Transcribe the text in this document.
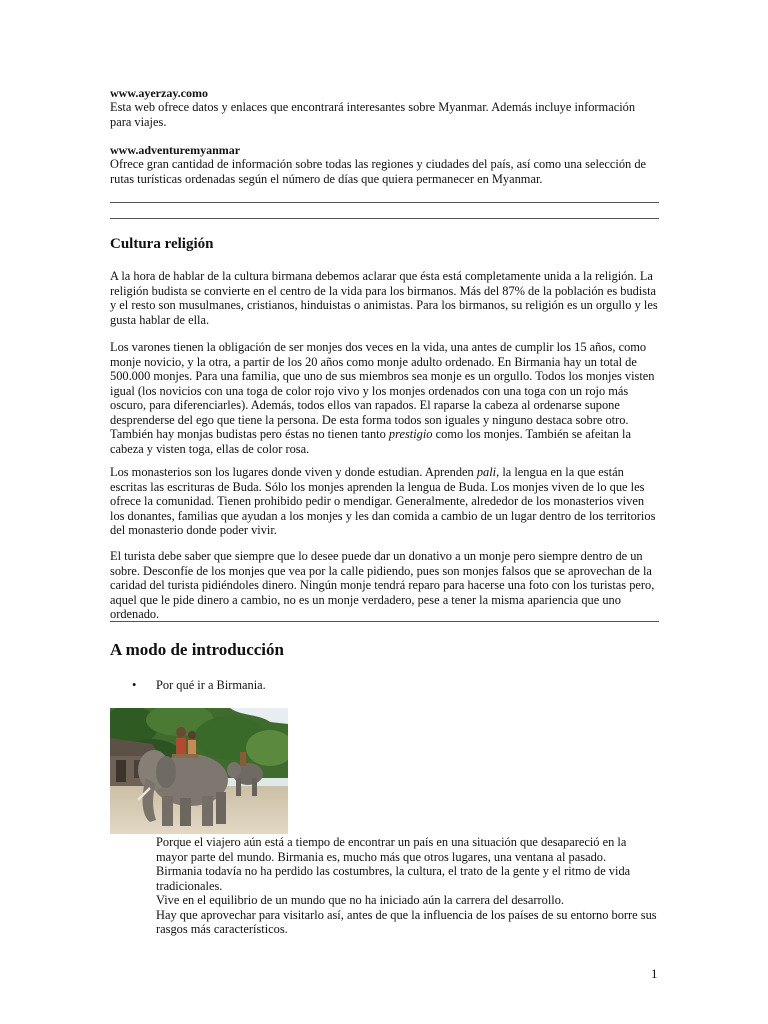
www.ayerzay.como

Esta web ofrece datos y enlaces que encontrará interesantes sobre Myanmar. Además incluye información para viajes.

www.adventuremyanmar

Ofrece gran cantidad de información sobre todas las regiones y ciudades del país, así como una selección de rutas turísticas ordenadas según el número de días que quiera permanecer en Myanmar.

Cultura religión

A la hora de hablar de la cultura birmana debemos aclarar que ésta está completamente unida a la religión. La religión budista se convierte en el centro de la vida para los birmanos. Más del 87% de la población es budista y el resto son musulmanes, cristianos, hinduistas o animistas. Para los birmanos, su religión es un orgullo y les gusta hablar de ella.

Los varones tienen la obligación de ser monjes dos veces en la vida, una antes de cumplir los 15 años, como monje novicio, y la otra, a partir de los 20 años como monje adulto ordenado. En Birmania hay un total de 500.000 monjes. Para una familia, que uno de sus miembros sea monje es un orgullo. Todos los monjes visten igual (los novicios con una toga de color rojo vivo y los monjes ordenados con una toga con un rojo más oscuro, para diferenciarles). Además, todos ellos van rapados. El raparse la cabeza al ordenarse supone desprenderse del ego que tiene la persona. De esta forma todos son iguales y ninguno destaca sobre otro. También hay monjas budistas pero éstas no tienen tanto prestigio como los monjes. También se afeitan la cabeza y visten toga, ellas de color rosa.

Los monasterios son los lugares donde viven y donde estudian. Aprenden pali, la lengua en la que están escritas las escrituras de Buda. Sólo los monjes aprenden la lengua de Buda. Los monjes viven de lo que les ofrece la comunidad. Tienen prohibido pedir o mendigar. Generalmente, alrededor de los monasterios viven los donantes, familias que ayudan a los monjes y les dan comida a cambio de un lugar dentro de los territorios del monasterio donde poder vivir.

El turista debe saber que siempre que lo desee puede dar un donativo a un monje pero siempre dentro de un sobre. Desconfíe de los monjes que vea por la calle pidiendo, pues son monjes falsos que se aprovechan de la caridad del turista pidiéndoles dinero. Ningún monje tendrá reparo para hacerse una foto con los turistas pero, aquel que le pide dinero a cambio, no es un monje verdadero, pese a tener la misma apariencia que uno ordenado.

A modo de introducción
• Por qué ir a Birmania.

Porque el viajero aún está a tiempo de encontrar un país en una situación que desapareció en la mayor parte del mundo. Birmania es, mucho más que otros lugares, una ventana al pasado.

Birmania todavía no ha perdido las costumbres, la cultura, el trato de la gente y el ritmo de vida tradicionales.

Vive en el equilibrio de un mundo que no ha iniciado aún la carrera del desarrollo.

Hay que aprovechar para visitarlo así, antes de que la influencia de los países de su entorno borre sus rasgos más característicos.

1
